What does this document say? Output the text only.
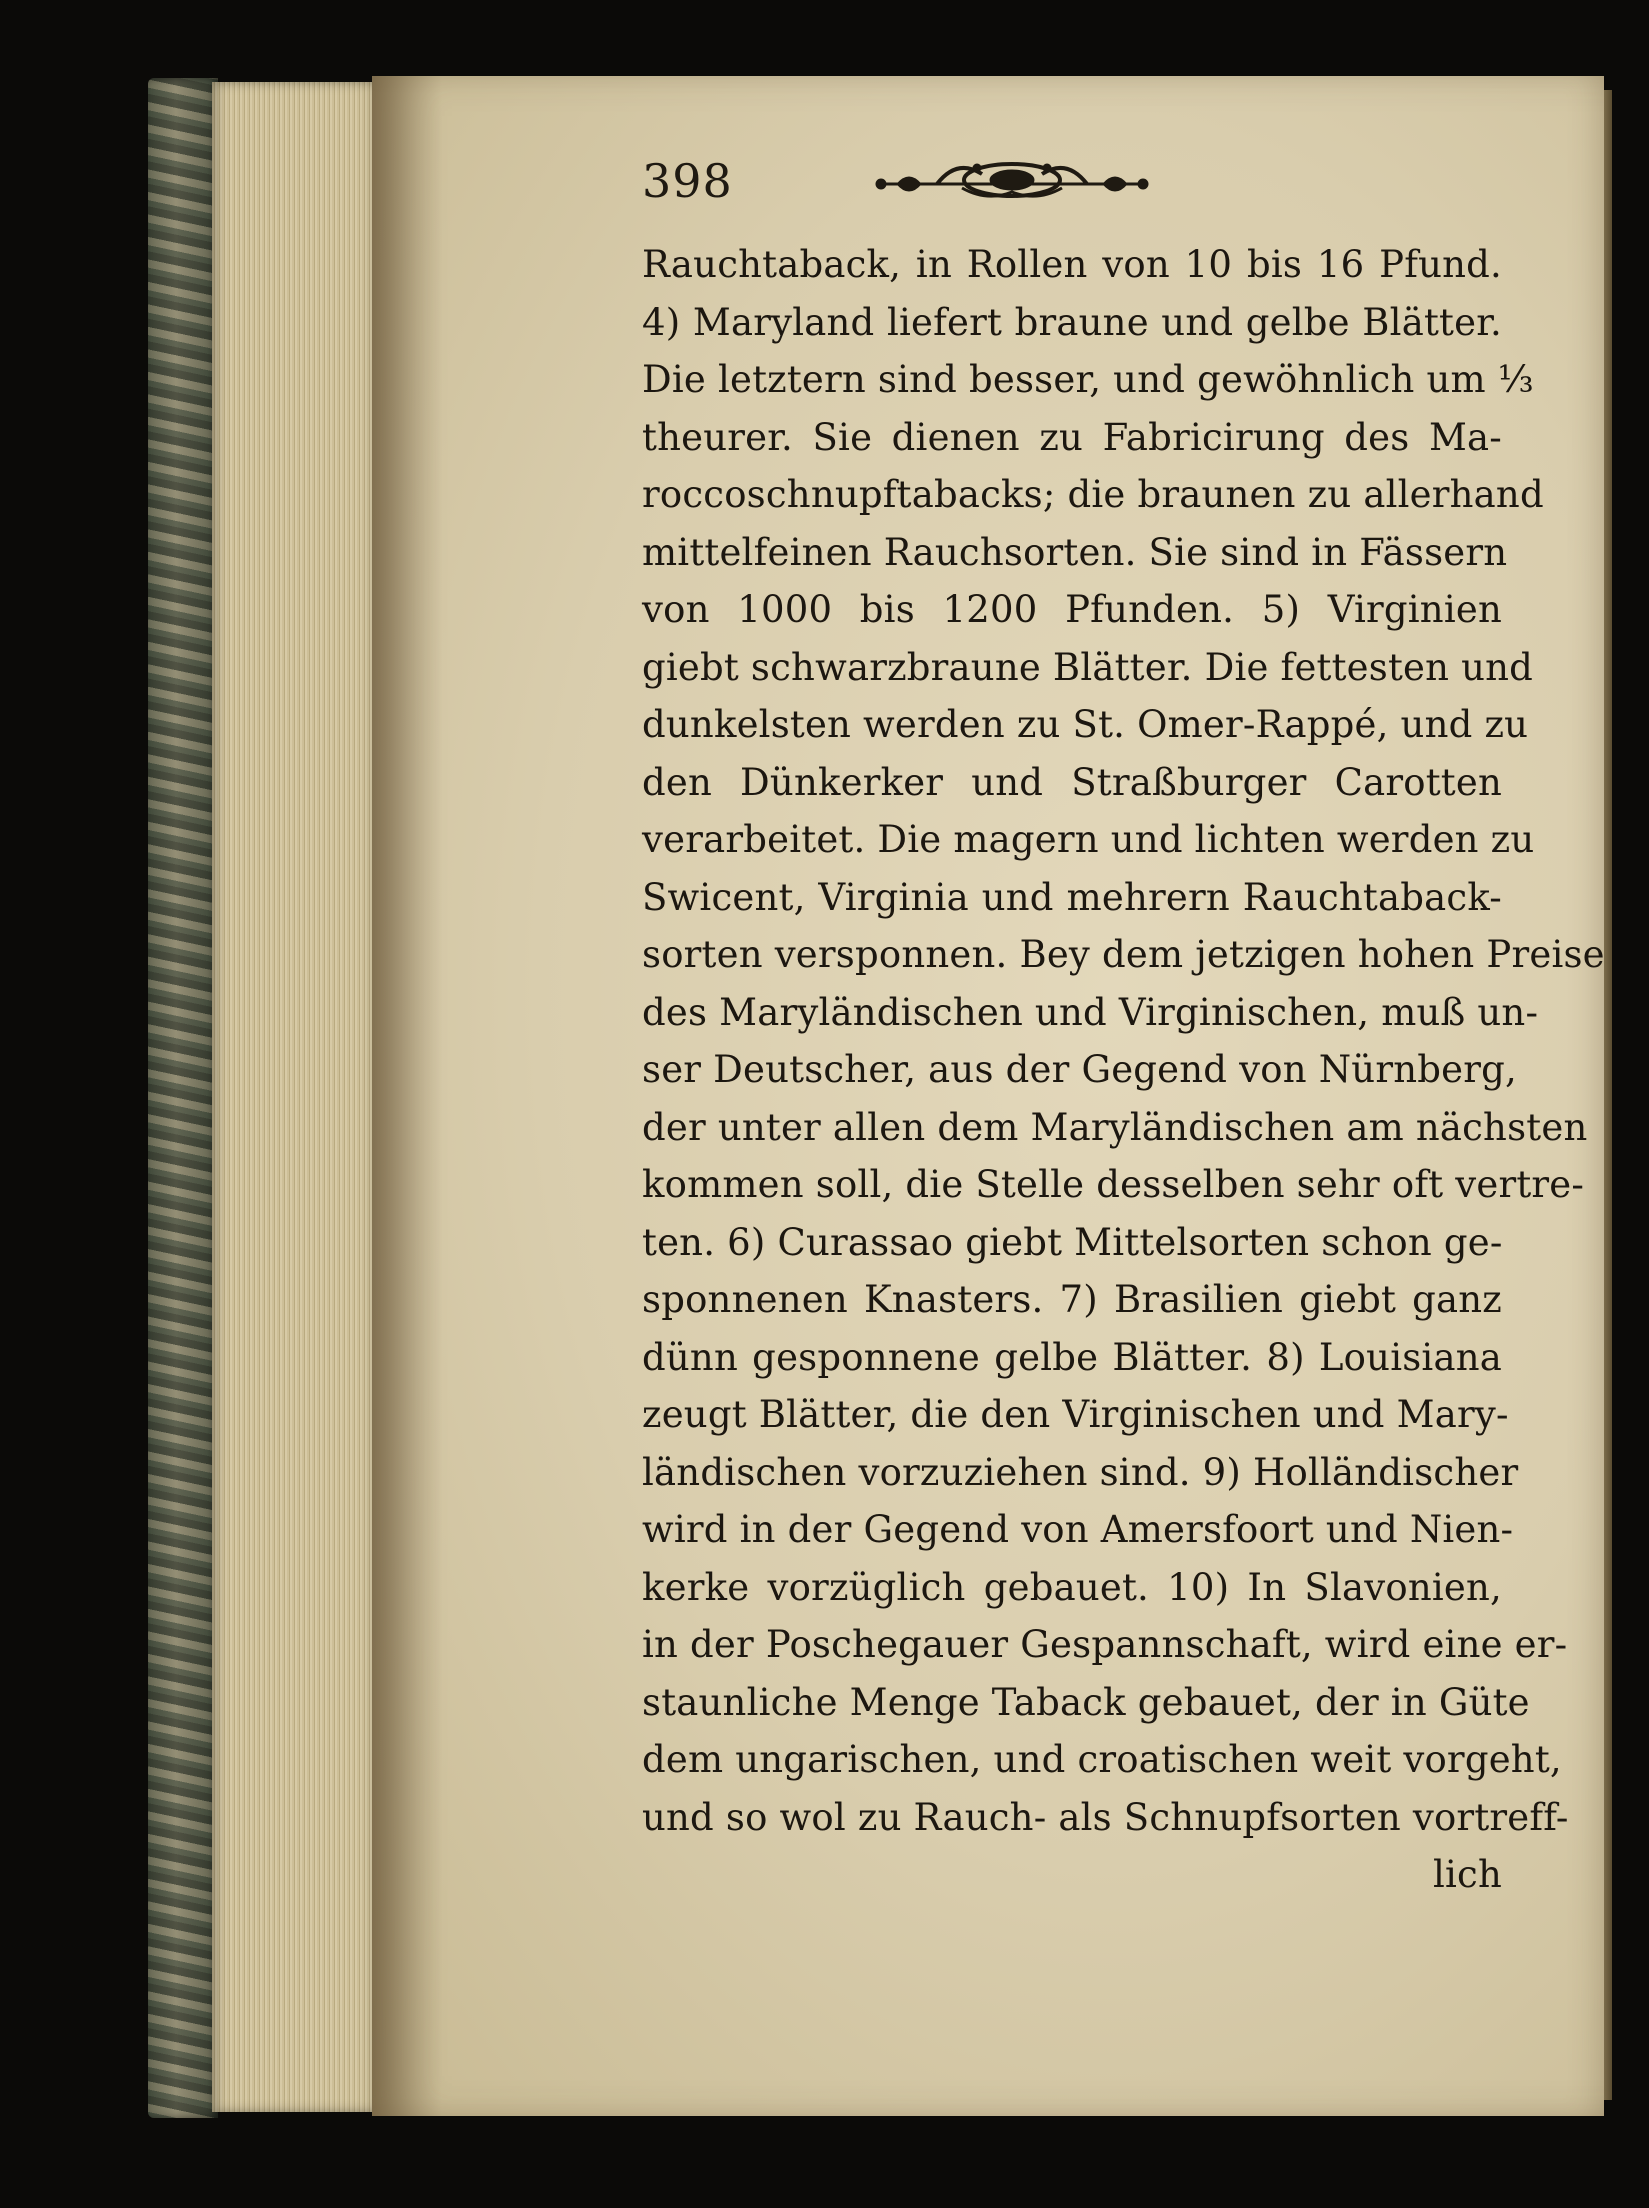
398
Rauchtaback, in Rollen von 10 bis 16 Pfund.
4) Maryland liefert braune und gelbe Blätter.
Die letztern sind besser, und gewöhnlich um ⅓
theurer. Sie dienen zu Fabricirung des Ma-
roccoschnupftabacks; die braunen zu allerhand
mittelfeinen Rauchsorten. Sie sind in Fässern
von 1000 bis 1200 Pfunden. 5) Virginien
giebt schwarzbraune Blätter. Die fettesten und
dunkelsten werden zu St. Omer-Rappé, und zu
den Dünkerker und Straßburger Carotten
verarbeitet. Die magern und lichten werden zu
Swicent, Virginia und mehrern Rauchtaback-
sorten versponnen. Bey dem jetzigen hohen Preise
des Maryländischen und Virginischen, muß un-
ser Deutscher, aus der Gegend von Nürnberg,
der unter allen dem Maryländischen am nächsten
kommen soll, die Stelle desselben sehr oft vertre-
ten. 6) Curassao giebt Mittelsorten schon ge-
sponnenen Knasters. 7) Brasilien giebt ganz
dünn gesponnene gelbe Blätter. 8) Louisiana
zeugt Blätter, die den Virginischen und Mary-
ländischen vorzuziehen sind. 9) Holländischer
wird in der Gegend von Amersfoort und Nien-
kerke vorzüglich gebauet. 10) In Slavonien,
in der Poschegauer Gespannschaft, wird eine er-
staunliche Menge Taback gebauet, der in Güte
dem ungarischen, und croatischen weit vorgeht,
und so wol zu Rauch- als Schnupfsorten vortreff-
lich
